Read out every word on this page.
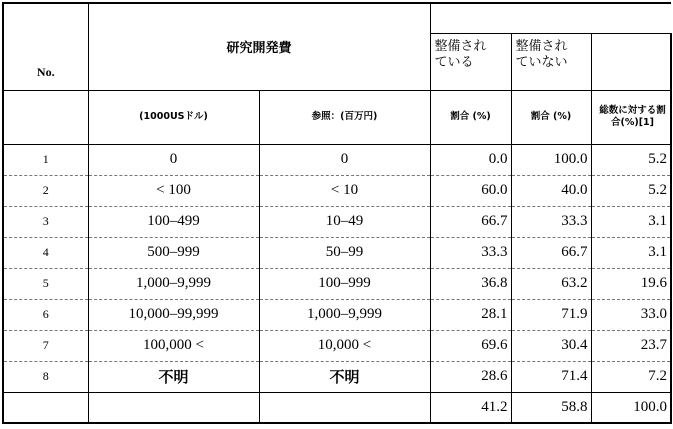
No.	研究開発費				

			整備されている	整備されていない	

	(1000USドル)	参照：(百万円)	割合 (%)	割合 (%)	総数に対する割合(%)[1]

1	0	0	0.0	100.0	5.2
2	< 100	< 10	60.0	40.0	5.2
3	100–499	10–49	66.7	33.3	3.1
4	500–999	50–99	33.3	66.7	3.1
5	1,000–9,999	100–999	36.8	63.2	19.6
6	10,000–99,999	1,000–9,999	28.1	71.9	33.0
7	100,000 <	10,000 <	69.6	30.4	23.7
8	不明	不明	28.6	71.4	7.2
			41.2	58.8	100.0
